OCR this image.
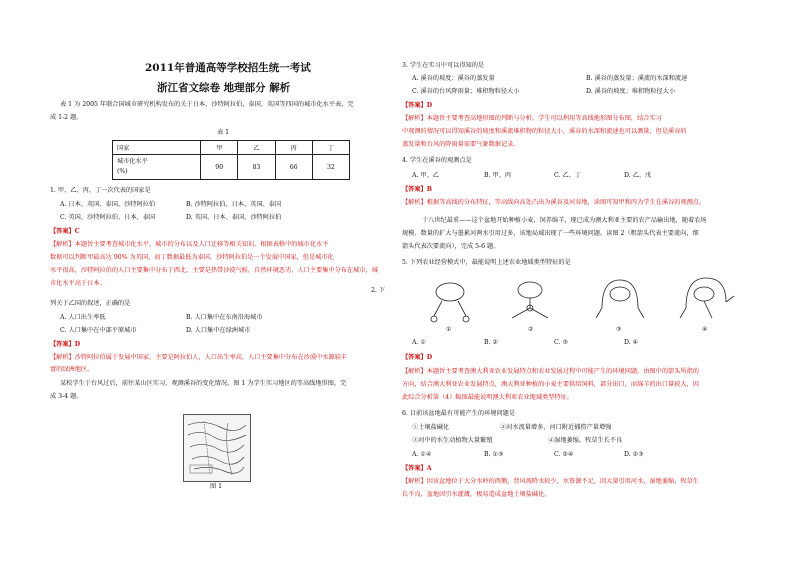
2011年普通高等学校招生统一考试
浙江省文综卷 地理部分 解析
表 1 为 2005 年联合国城市研究机构发布的关于日本、沙特阿拉伯、泰国、英国等四国的城市化水平表，完
成 1-2 题。
表 1
国家	甲	乙	丙	丁
城市化水平
(%)	90	83	66	32
1. 甲、乙、丙、丁一次代表的国家是
A. 日本、英国、泰国、沙特阿拉伯	B. 沙特阿拉伯、日本、英国、泰国
C. 英国、沙特阿拉伯、日本、泰国	D. 英国、日本、泰国、沙特阿拉伯
【答案】C
【解析】本题旨主要考查城市化水平，城市的分布以及人口迁移等相关知识。根据表格中的城市化水平
数据可以判断甲最高达 90% 为英国，而丁数据最低为泰国，沙特阿拉伯是一个发展中国家，但是城市化
水平很高，沙特阿拉伯的人口主要集中分布于西北，主要是热带沙漠气候，自然环境恶劣，人口主要集中分布在城市，城
市化水平高于日本。
2. 下
列关于乙国的叙述，正确的是
A. 人口出生率低	B. 人口集中在东南沿海城市
C. 人口集中在中部平原城市	D. 人口集中在绿洲城市
【答案】D
【解析】沙特阿拉伯属于发展中国家，主要是阿拉伯人，人口出生率高，人口主要集中分布在沙漠中水源较丰
富的绿洲地区。
某校学生于台风过后，前往某山区实习，观测溪谷的变化情况。图 1 为学生实习地区的等高线地形图。完
成 3-4 题。
图 1
3. 学生在实习中可以得知的是
A. 溪谷的坡度；溪谷的蒸发量	B. 溪谷的蒸发量；溪流的水深和流速
C. 溪谷的台风降雨量；堆积物粒径大小	D. 溪谷的坡度；堆积物粒径大小
【答案】D
【解析】本题旨主要考查高地形图的判断与分析。学生可以利用等高线地形图分布图，结合实习
中观测的情况可以得知溪谷的坡度和溪流堆积物的粒径大小，溪谷的水深和流速也可以测量，但是溪谷的
蒸发量和台风的降雨量需要气象数据记录。
4. 学生在溪谷的观测点是
A. 甲、乙	B. 甲、丙	C. 乙、丁	D. 乙、戊
【答案】B
【解析】根据等高线的分布特征，等高线向高处凸出为溪谷及河谷地，读图可知甲和丙为学生在溪谷的观测点。
十八世纪最重——这个盆地开始种植小麦，饲养绵羊，现已成为澳大利亚主要的农产品输出地，随着农场
规模、数量的扩大与墨累河两水引用过多，该地局域出现了一些环境问题。读图 2（粗箭头代表主要流向，细
箭头代表次要流向），完成 5-6 题。
5. 下列农业经营模式中，最能说明上述农业地域类型特征的是
①	②	③	④
A. ①	B. ②	C. ③	D. ④
【答案】D
【解析】本题旨主要考查澳大利亚农业发展特点和农业发展过程中可能产生的环境问题。由图中的箭头所指的
方向，结合澳大利亚农业发展特点，澳大利亚种植的小麦主要供给饲料，部分出口，而绵羊的出口量较大，因
此综合分析第（4）幅图最能说明澳大利亚农业地域类型特征。
6. 目前该盆地最有可能产生的环境问题是
①土壤盐碱化	②河水流量增多，河口附近捕捞产量增强
③河中的水生动植物大量繁殖	④湿地萎缩，牧草生长不良
A. ①④	B. ①③	C. ②④	D. ②③
【答案】A
【解析】因该盆地位于大分水岭的西侧，背风坡降水较少，水资源不足，因大量引用河水，湿地萎缩，牧草生
长不良，盆地因引水灌溉，极易造成盆地土壤盐碱化。
